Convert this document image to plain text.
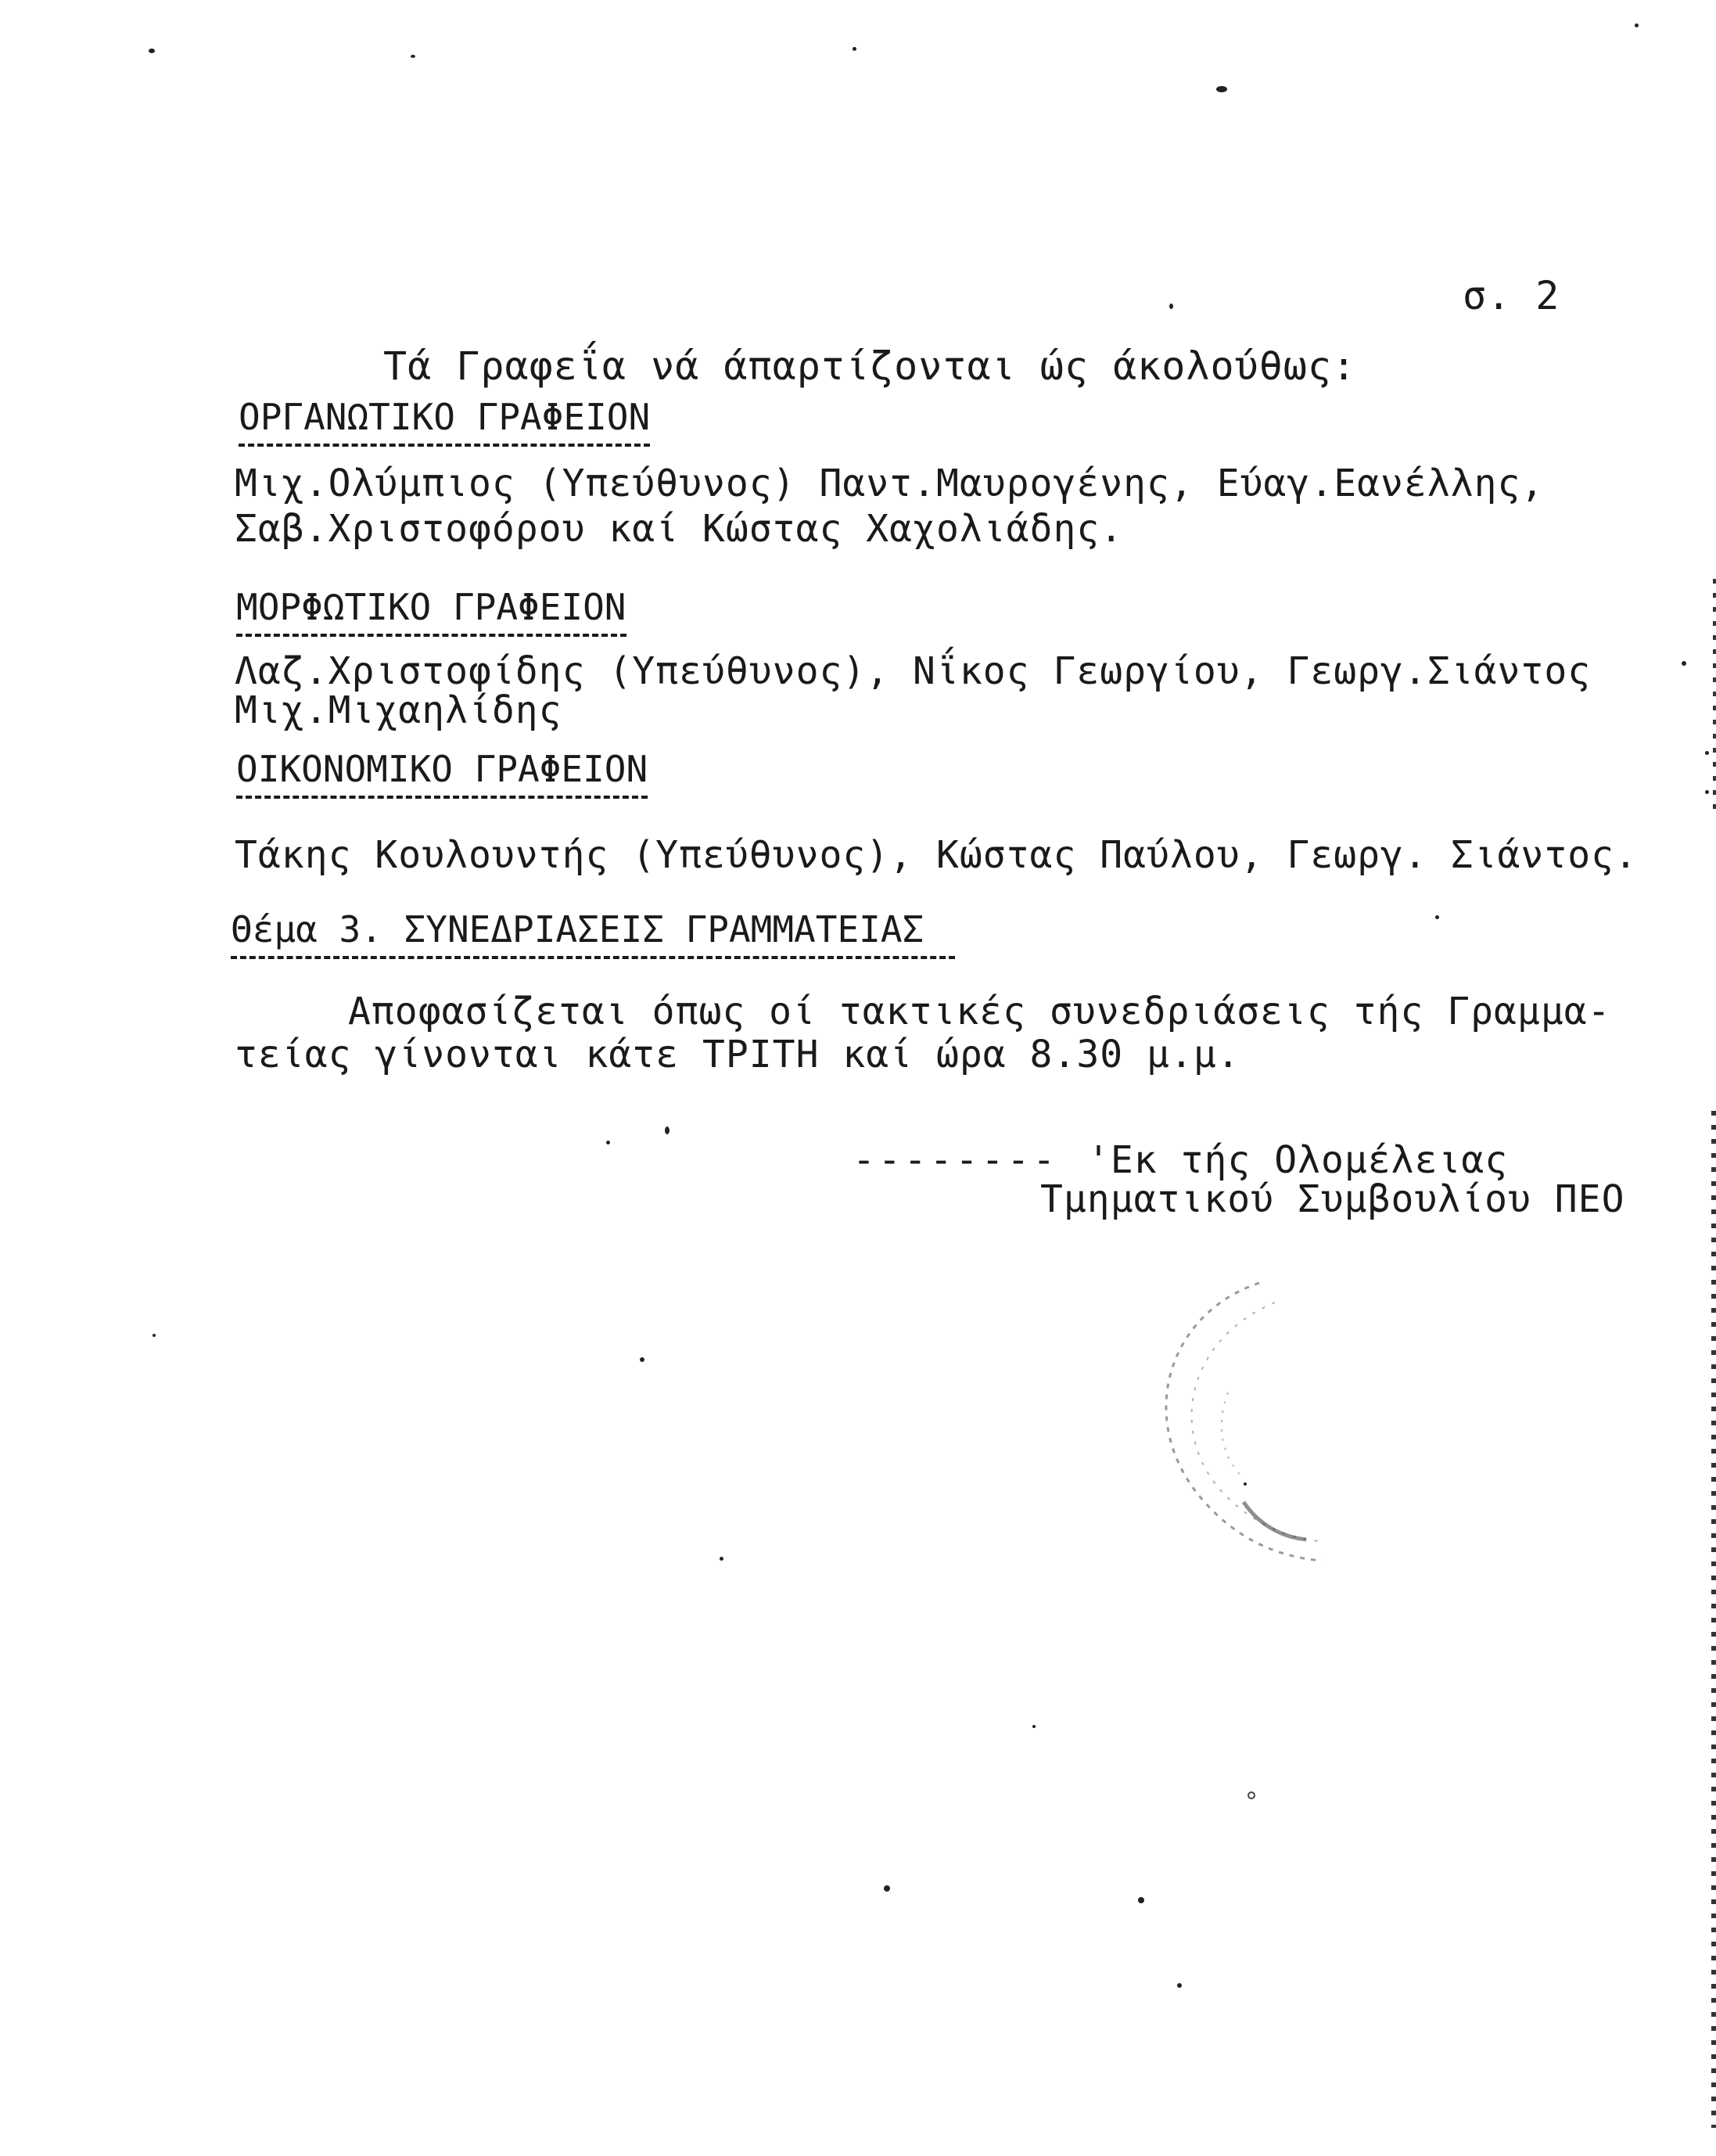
σ. 2
Τά Γραφεΐα νά άπαρτίζονται ώς άκολούθως:
ΟΡΓΑΝΩΤΙΚΟ ΓΡΑΦΕΙΟΝ
Μιχ.Ολύμπιος (Υπεύθυνος) Παντ.Μαυρογένης, Εύαγ.Εανέλλης,
Σαβ.Χριστοφόρου καί Κώστας Χαχολιάδης.
ΜΟΡΦΩΤΙΚΟ ΓΡΑΦΕΙΟΝ
Λαζ.Χριστοφίδης (Υπεύθυνος), Νΐκος Γεωργίου, Γεωργ.Σιάντος
Μιχ.Μιχαηλίδης
ΟΙΚΟΝΟΜΙΚΟ ΓΡΑΦΕΙΟΝ
Τάκης Κουλουντής (Υπεύθυνος), Κώστας Παύλου, Γεωργ. Σιάντος.
Θέμα 3. ΣΥΝΕΔΡΙΑΣΕΙΣ ΓΡΑΜΜΑΤΕΙΑΣ
Αποφασίζεται όπως οί τακτικές συνεδριάσεις τής Γραμμα-
τείας γίνονται κάτε ΤΡΙΤΗ καί ώρα 8.30 μ.μ.
-------- 'Εκ τής Ολομέλειας
Τμηματικού Συμβουλίου ΠΕΟ
